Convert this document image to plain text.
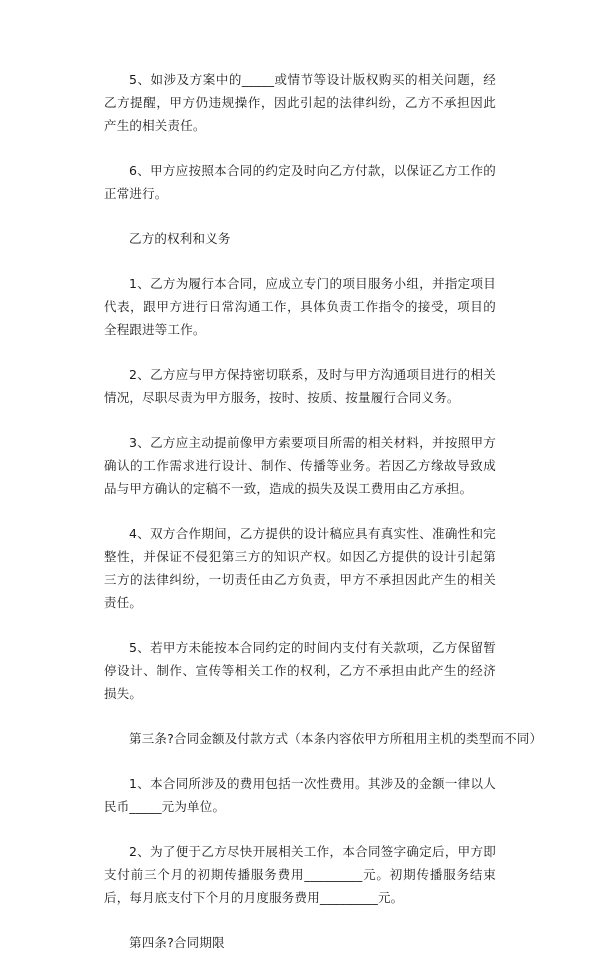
5、如涉及方案中的_____或情节等设计版权购买的相关问题，经乙方提醒，甲方仍违规操作，因此引起的法律纠纷，乙方不承担因此产生的相关责任。

6、甲方应按照本合同的约定及时向乙方付款，以保证乙方工作的正常进行。

乙方的权利和义务

1、乙方为履行本合同，应成立专门的项目服务小组，并指定项目代表，跟甲方进行日常沟通工作，具体负责工作指令的接受，项目的全程跟进等工作。

2、乙方应与甲方保持密切联系，及时与甲方沟通项目进行的相关情况，尽职尽责为甲方服务，按时、按质、按量履行合同义务。

3、乙方应主动提前像甲方索要项目所需的相关材料，并按照甲方确认的工作需求进行设计、制作、传播等业务。若因乙方缘故导致成品与甲方确认的定稿不一致，造成的损失及误工费用由乙方承担。

4、双方合作期间，乙方提供的设计稿应具有真实性、准确性和完整性，并保证不侵犯第三方的知识产权。如因乙方提供的设计引起第三方的法律纠纷，一切责任由乙方负责，甲方不承担因此产生的相关责任。

5、若甲方未能按本合同约定的时间内支付有关款项，乙方保留暂停设计、制作、宣传等相关工作的权利，乙方不承担由此产生的经济损失。

第三条?合同金额及付款方式（本条内容依甲方所租用主机的类型而不同）

1、本合同所涉及的费用包括一次性费用。其涉及的金额一律以人民币_____元为单位。

2、为了便于乙方尽快开展相关工作，本合同签字确定后，甲方即支付前三个月的初期传播服务费用_________元。初期传播服务结束后，每月底支付下个月的月度服务费用_________元。

第四条?合同期限
